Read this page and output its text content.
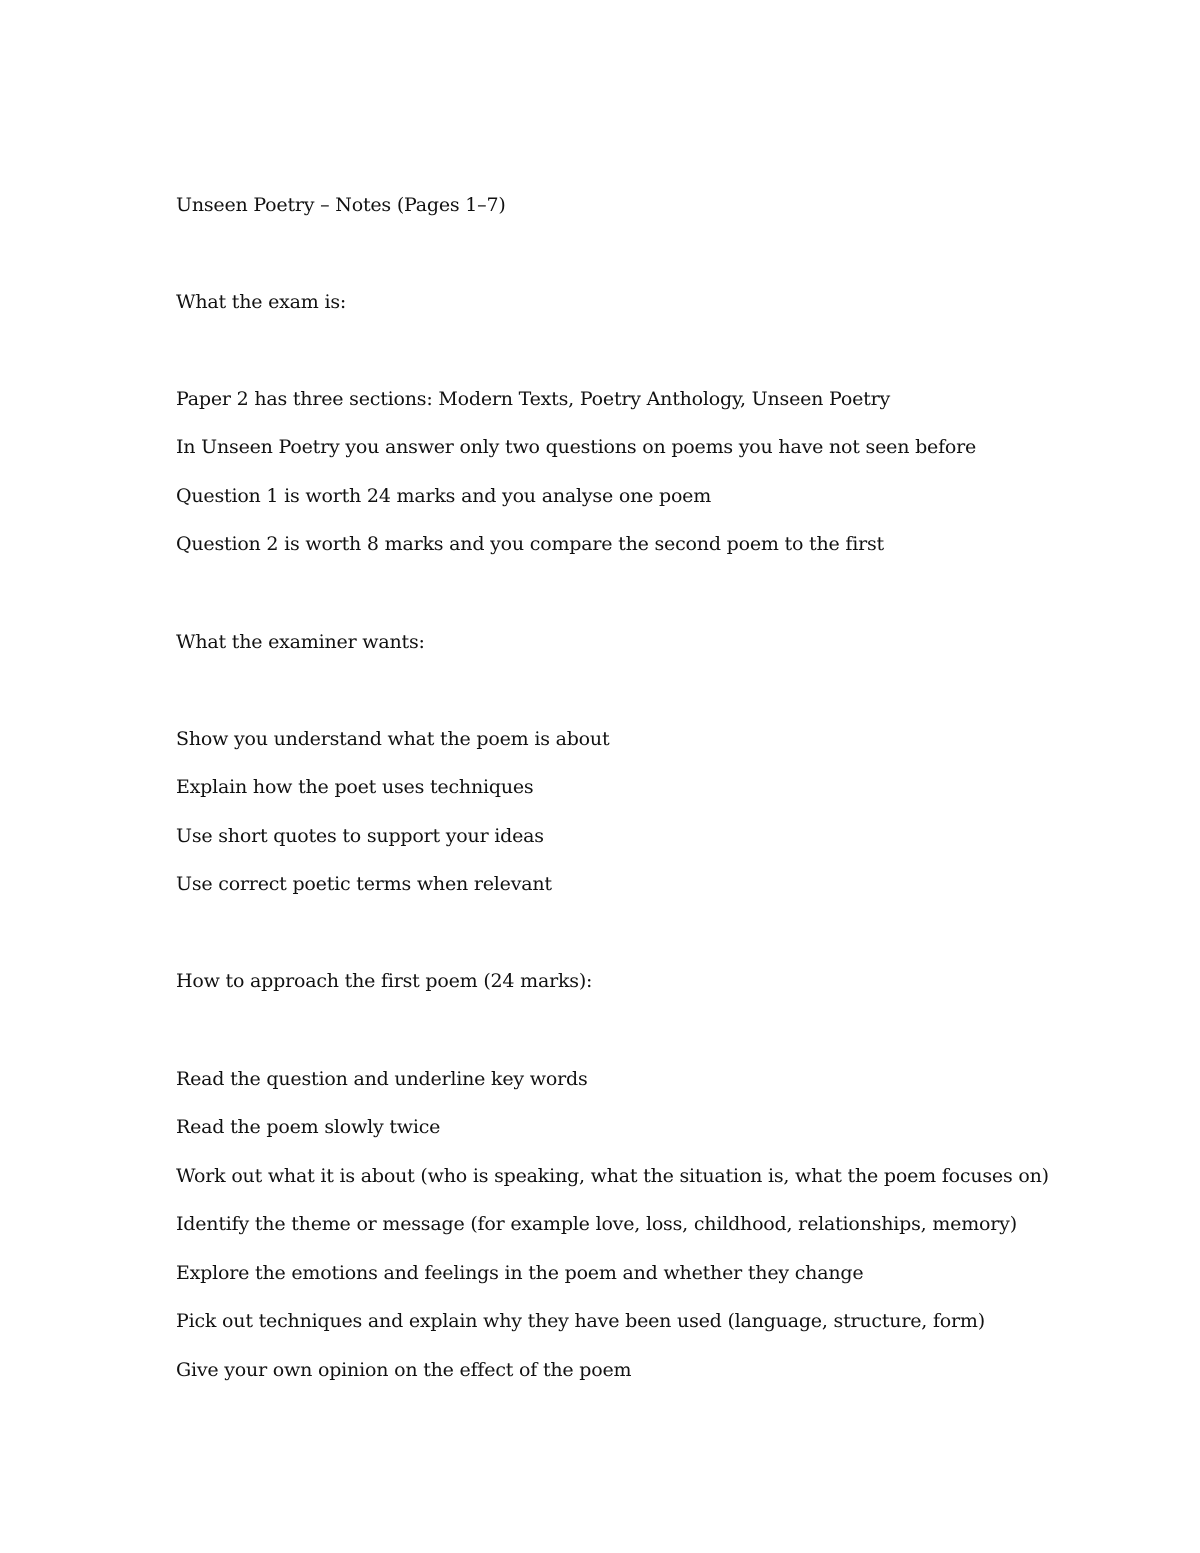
Unseen Poetry – Notes (Pages 1–7)

What the exam is:

Paper 2 has three sections: Modern Texts, Poetry Anthology, Unseen Poetry

In Unseen Poetry you answer only two questions on poems you have not seen before

Question 1 is worth 24 marks and you analyse one poem

Question 2 is worth 8 marks and you compare the second poem to the first

What the examiner wants:

Show you understand what the poem is about

Explain how the poet uses techniques

Use short quotes to support your ideas

Use correct poetic terms when relevant

How to approach the first poem (24 marks):

Read the question and underline key words

Read the poem slowly twice

Work out what it is about (who is speaking, what the situation is, what the poem focuses on)

Identify the theme or message (for example love, loss, childhood, relationships, memory)

Explore the emotions and feelings in the poem and whether they change

Pick out techniques and explain why they have been used (language, structure, form)

Give your own opinion on the effect of the poem
